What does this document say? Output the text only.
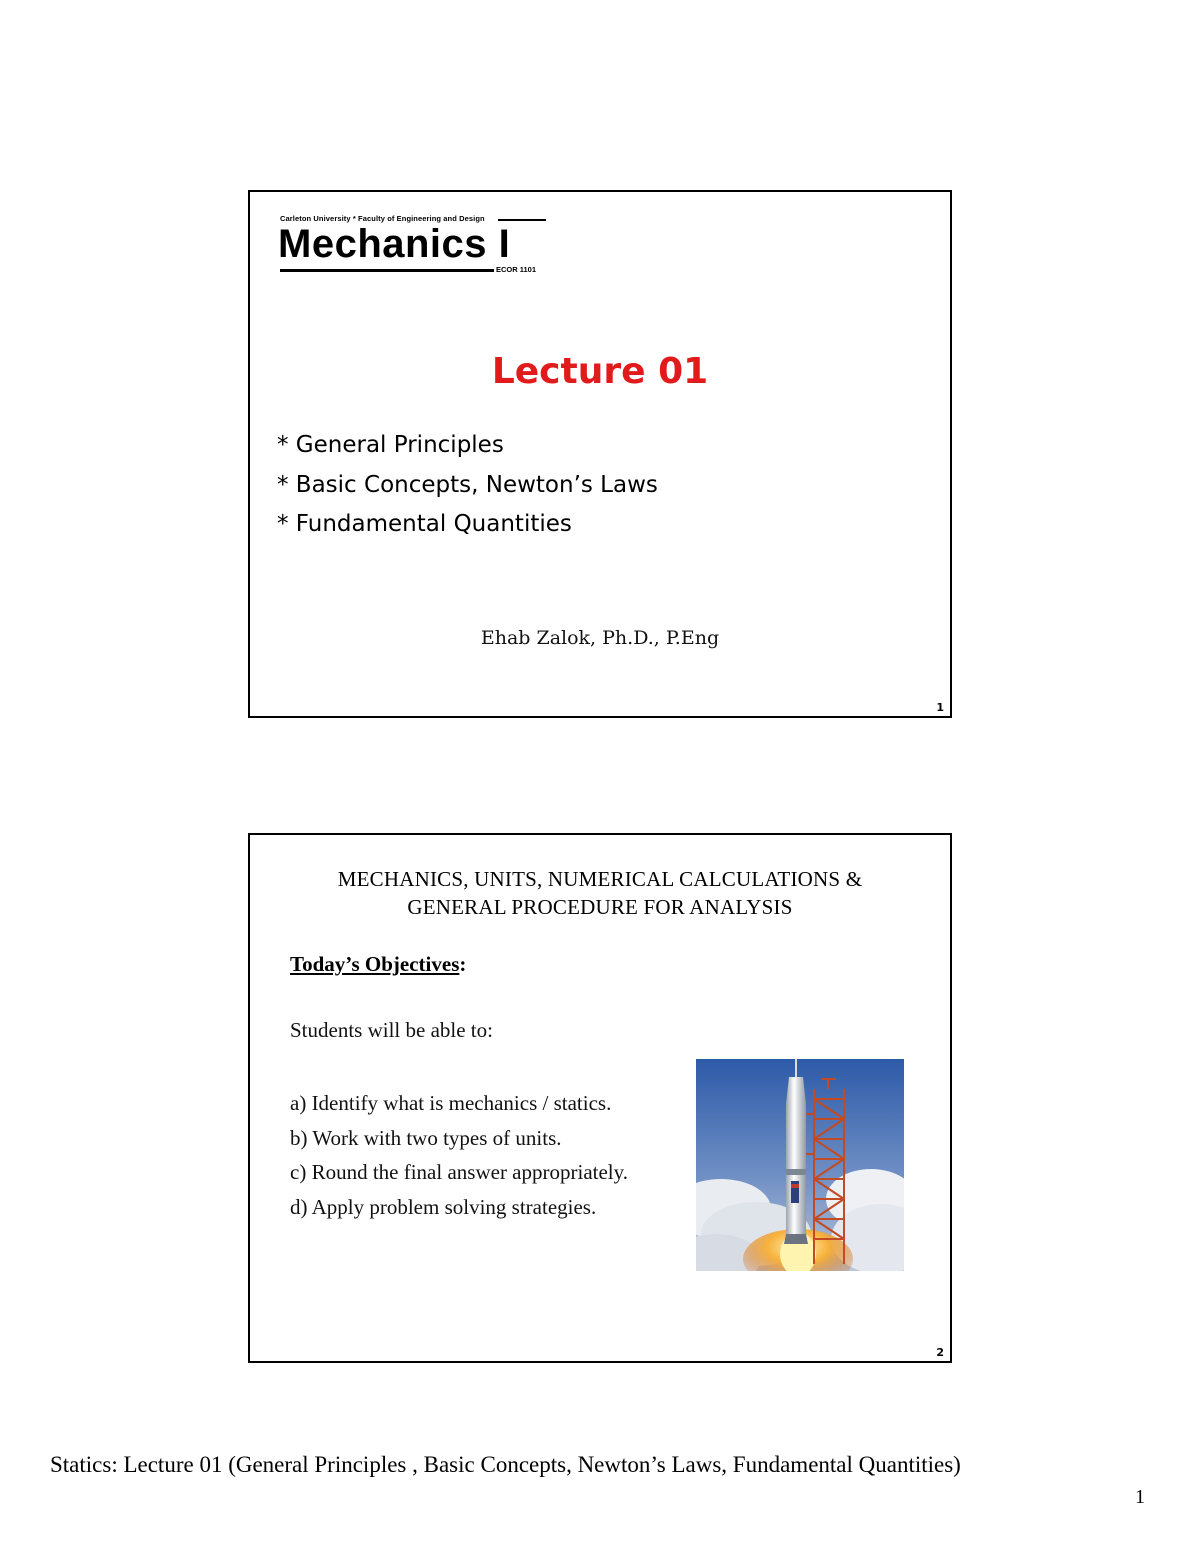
Carleton University * Faculty of Engineering and Design
Mechanics I
ECOR 1101
Lecture 01
* General Principles
* Basic Concepts, Newton’s Laws
* Fundamental Quantities
Ehab Zalok, Ph.D., P.Eng
1
MECHANICS, UNITS, NUMERICAL CALCULATIONS &
GENERAL PROCEDURE FOR ANALYSIS
Today’s Objectives:
Students will be able to:
a) Identify what is mechanics / statics.
b) Work with two types of units.
c) Round the final answer appropriately.
d) Apply problem solving strategies.
2
Statics: Lecture 01 (General Principles , Basic Concepts, Newton’s Laws, Fundamental Quantities)
1
